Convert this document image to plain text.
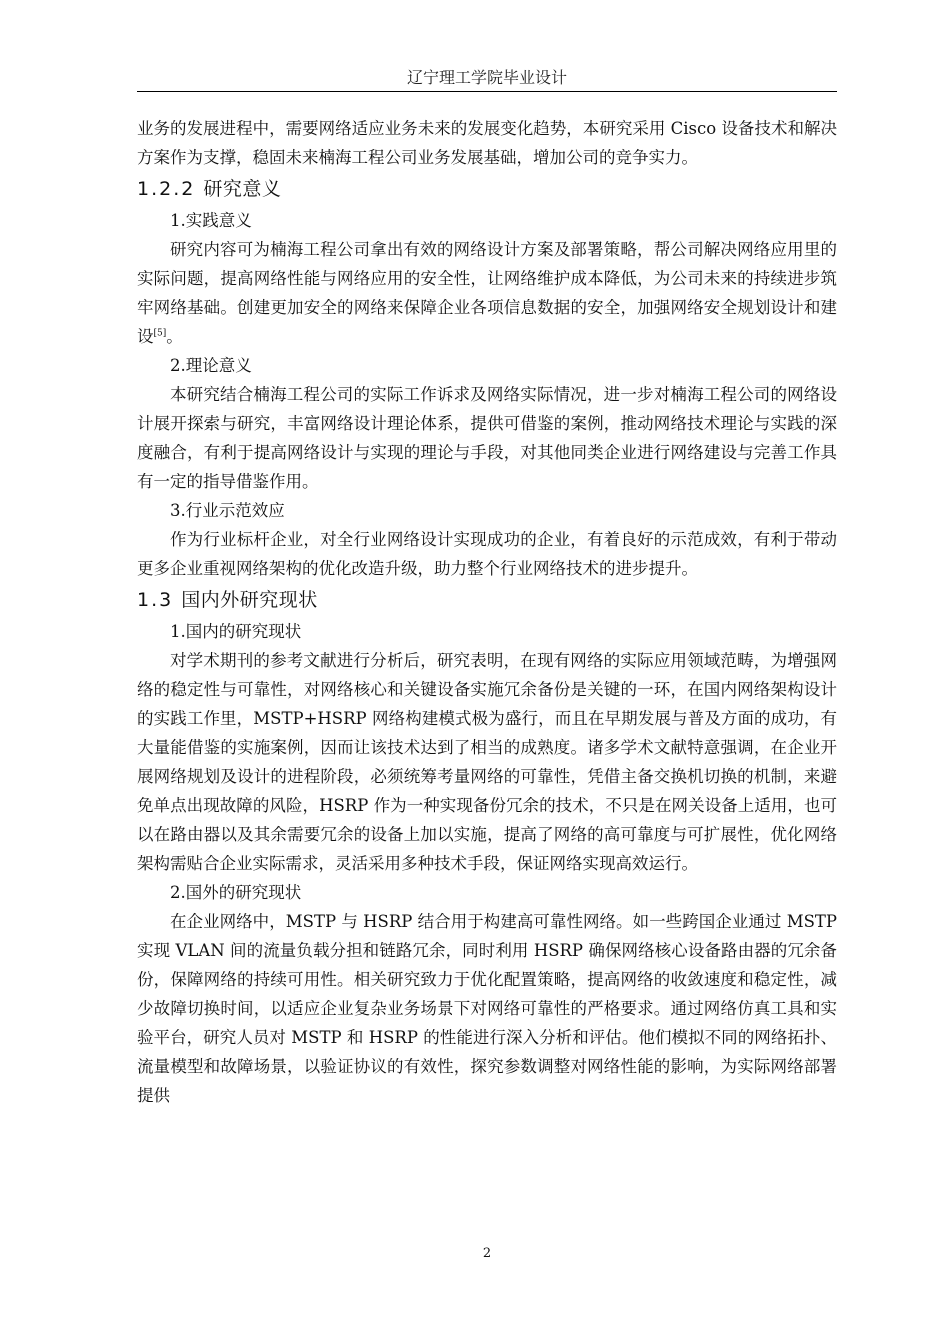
辽宁理工学院毕业设计

业务的发展进程中，需要网络适应业务未来的发展变化趋势，本研究采用 Cisco 设备技术和解决方案作为支撑，稳固未来楠海工程公司业务发展基础，增加公司的竞争实力。

1.2.2 研究意义

1.实践意义

研究内容可为楠海工程公司拿出有效的网络设计方案及部署策略，帮公司解决网络应用里的实际问题，提高网络性能与网络应用的安全性，让网络维护成本降低，为公司未来的持续进步筑牢网络基础。创建更加安全的网络来保障企业各项信息数据的安全，加强网络安全规划设计和建设[5]。

2.理论意义

本研究结合楠海工程公司的实际工作诉求及网络实际情况，进一步对楠海工程公司的网络设计展开探索与研究，丰富网络设计理论体系，提供可借鉴的案例，推动网络技术理论与实践的深度融合，有利于提高网络设计与实现的理论与手段，对其他同类企业进行网络建设与完善工作具有一定的指导借鉴作用。

3.行业示范效应

作为行业标杆企业，对全行业网络设计实现成功的企业，有着良好的示范成效，有利于带动更多企业重视网络架构的优化改造升级，助力整个行业网络技术的进步提升。

1.3 国内外研究现状

1.国内的研究现状

对学术期刊的参考文献进行分析后，研究表明，在现有网络的实际应用领域范畴，为增强网络的稳定性与可靠性，对网络核心和关键设备实施冗余备份是关键的一环，在国内网络架构设计的实践工作里，MSTP+HSRP 网络构建模式极为盛行，而且在早期发展与普及方面的成功，有大量能借鉴的实施案例，因而让该技术达到了相当的成熟度。诸多学术文献特意强调，在企业开展网络规划及设计的进程阶段，必须统筹考量网络的可靠性，凭借主备交换机切换的机制，来避免单点出现故障的风险，HSRP 作为一种实现备份冗余的技术，不只是在网关设备上适用，也可以在路由器以及其余需要冗余的设备上加以实施，提高了网络的高可靠度与可扩展性，优化网络架构需贴合企业实际需求，灵活采用多种技术手段，保证网络实现高效运行。

2.国外的研究现状

在企业网络中，MSTP 与 HSRP 结合用于构建高可靠性网络。如一些跨国企业通过 MSTP 实现 VLAN 间的流量负载分担和链路冗余，同时利用 HSRP 确保网络核心设备路由器的冗余备份，保障网络的持续可用性。相关研究致力于优化配置策略，提高网络的收敛速度和稳定性，减少故障切换时间，以适应企业复杂业务场景下对网络可靠性的严格要求。通过网络仿真工具和实验平台，研究人员对 MSTP 和 HSRP 的性能进行深入分析和评估。他们模拟不同的网络拓扑、流量模型和故障场景，以验证协议的有效性，探究参数调整对网络性能的影响，为实际网络部署提供

2
